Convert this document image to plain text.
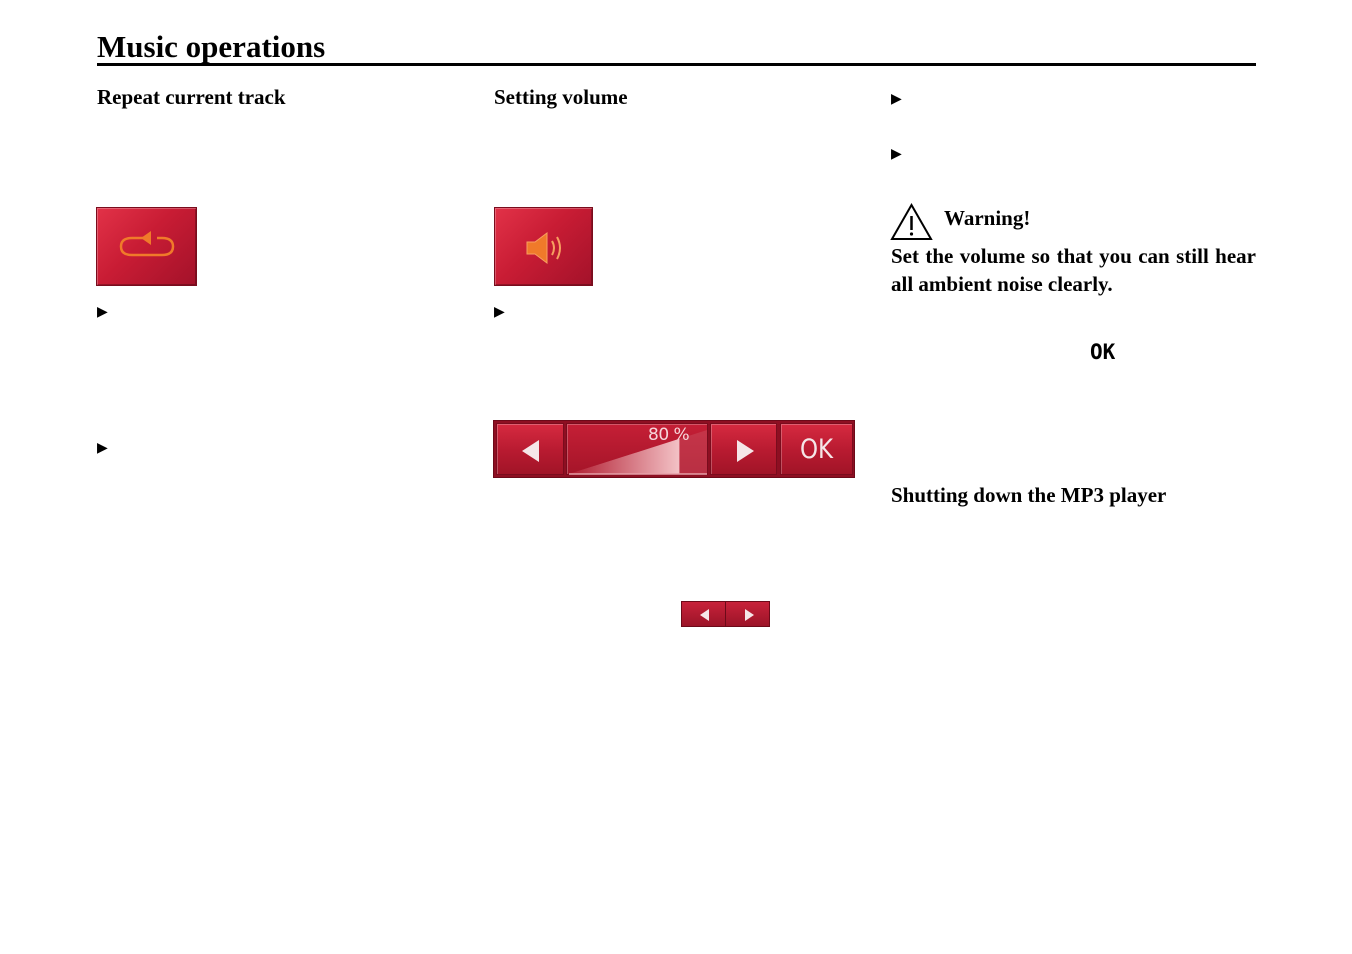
Music operations
Repeat current track
▶
▶
Setting volume
▶
80 %	OK
▶
▶
Warning!
Set the volume so that you can still hear all ambient noise clearly.
OK
Shutting down the MP3 player
